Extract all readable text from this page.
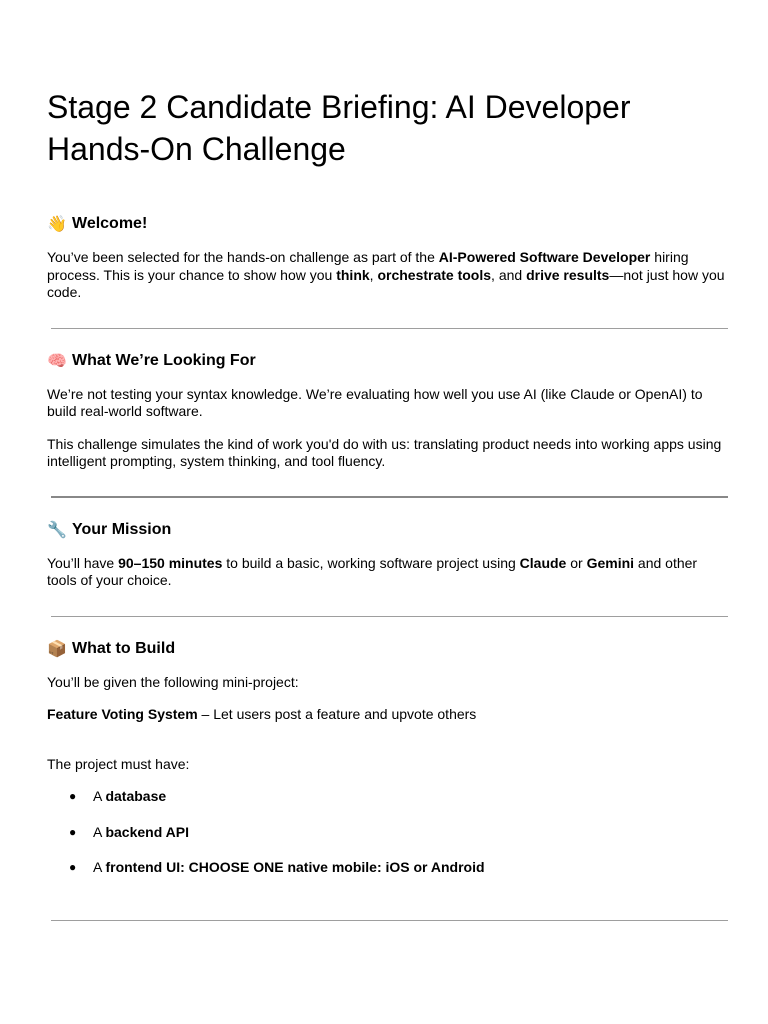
Stage 2 Candidate Briefing: AI Developer Hands-On Challenge
👋 Welcome!

You’ve been selected for the hands-on challenge as part of the AI-Powered Software Developer hiring process. This is your chance to show how you think, orchestrate tools, and drive results—not just how you code.

🧠 What We’re Looking For

We’re not testing your syntax knowledge. We’re evaluating how well you use AI (like Claude or OpenAI) to build real-world software.

This challenge simulates the kind of work you'd do with us: translating product needs into working apps using intelligent prompting, system thinking, and tool fluency.

🔧 Your Mission

You’ll have 90–150 minutes to build a basic, working software project using Claude or Gemini and other tools of your choice.

📦 What to Build

You’ll be given the following mini-project:

Feature Voting System – Let users post a feature and upvote others

The project must have:

● A database
● A backend API
● A frontend UI: CHOOSE ONE native mobile: iOS or Android
